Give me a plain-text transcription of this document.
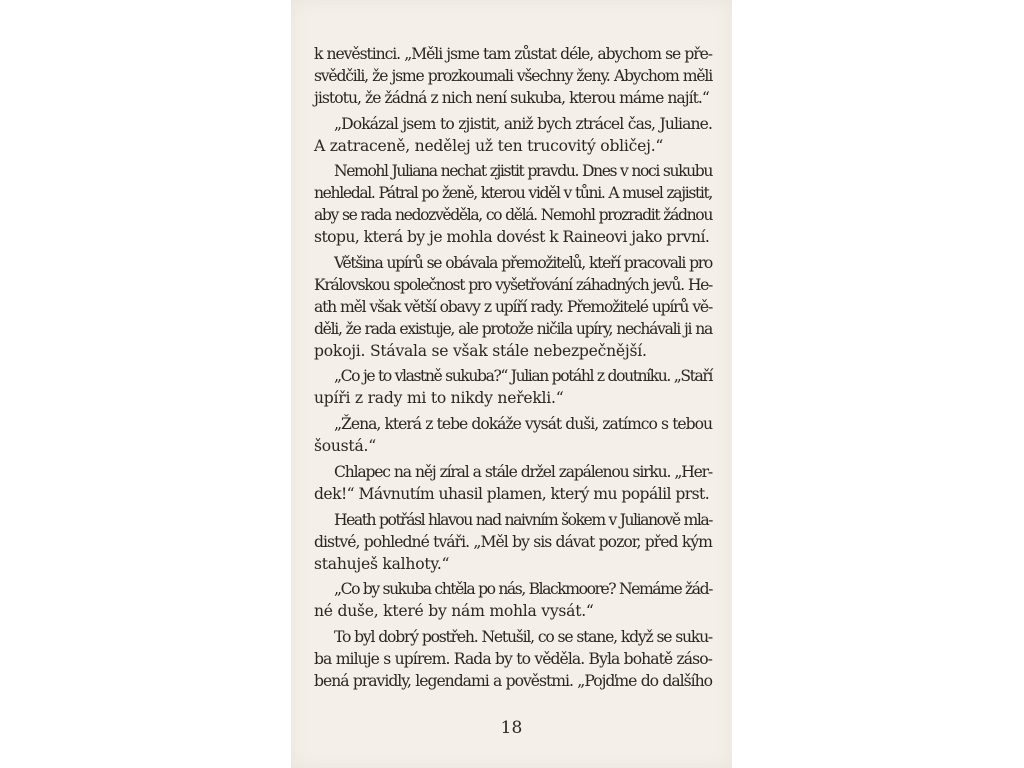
k nevěstinci. „Měli jsme tam zůstat déle, abychom se pře-
svědčili, že jsme prozkoumali všechny ženy. Abychom měli
jistotu, že žádná z nich není sukuba, kterou máme najít.“
„Dokázal jsem to zjistit, aniž bych ztrácel čas, Juliane.
A zatraceně, nedělej už ten trucovitý obličej.“
Nemohl Juliana nechat zjistit pravdu. Dnes v noci sukubu
nehledal. Pátral po ženě, kterou viděl v tůni. A musel zajistit,
aby se rada nedozvěděla, co dělá. Nemohl prozradit žádnou
stopu, která by je mohla dovést k Raineovi jako první.
Většina upírů se obávala přemožitelů, kteří pracovali pro
Královskou společnost pro vyšetřování záhadných jevů. He-
ath měl však větší obavy z upíří rady. Přemožitelé upírů vě-
děli, že rada existuje, ale protože ničila upíry, nechávali ji na
pokoji. Stávala se však stále nebezpečnější.
„Co je to vlastně sukuba?“ Julian potáhl z doutníku. „Staří
upíři z rady mi to nikdy neřekli.“
„Žena, která z tebe dokáže vysát duši, zatímco s tebou
šoustá.“
Chlapec na něj zíral a stále držel zapálenou sirku. „Her-
dek!“ Mávnutím uhasil plamen, který mu popálil prst.
Heath potřásl hlavou nad naivním šokem v Julianově mla-
distvé, pohledné tváři. „Měl by sis dávat pozor, před kým
stahuješ kalhoty.“
„Co by sukuba chtěla po nás, Blackmoore? Nemáme žád-
né duše, které by nám mohla vysát.“
To byl dobrý postřeh. Netušil, co se stane, když se suku-
ba miluje s upírem. Rada by to věděla. Byla bohatě záso-
bená pravidly, legendami a pověstmi. „Pojďme do dalšího
18
